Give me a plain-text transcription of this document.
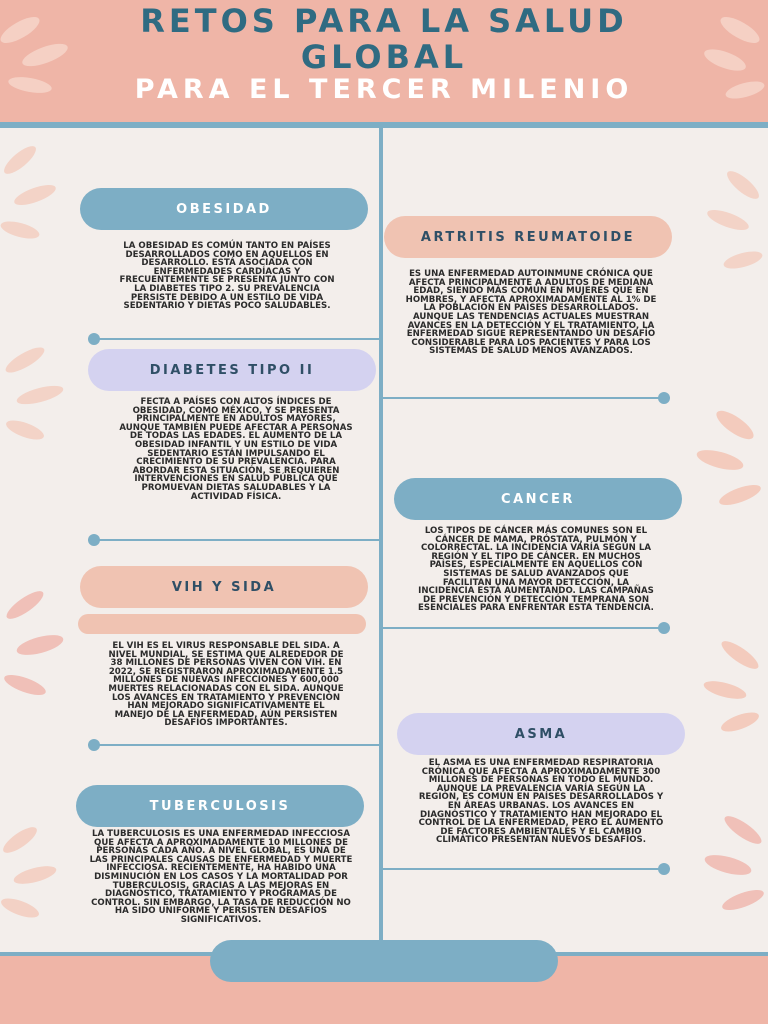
RETOS PARA LA SALUD
GLOBAL
PARA EL TERCER MILENIO
OBESIDAD
LA OBESIDAD ES COMÚN TANTO EN PAÍSES DESARROLLADOS COMO EN AQUELLOS EN DESARROLLO. ESTÁ ASOCIADA CON ENFERMEDADES CARDÍACAS Y FRECUENTEMENTE SE PRESENTA JUNTO CON LA DIABETES TIPO 2. SU PREVALENCIA PERSISTE DEBIDO A UN ESTILO DE VIDA SEDENTARIO Y DIETAS POCO SALUDABLES.
ARTRITIS REUMATOIDE
ES UNA ENFERMEDAD AUTOINMUNE CRÓNICA QUE AFECTA PRINCIPALMENTE A ADULTOS DE MEDIANA EDAD, SIENDO MÁS COMÚN EN MUJERES QUE EN HOMBRES, Y AFECTA APROXIMADAMENTE AL 1% DE LA POBLACIÓN EN PAÍSES DESARROLLADOS. AUNQUE LAS TENDENCIAS ACTUALES MUESTRAN AVANCES EN LA DETECCIÓN Y EL TRATAMIENTO, LA ENFERMEDAD SIGUE REPRESENTANDO UN DESAFÍO CONSIDERABLE PARA LOS PACIENTES Y PARA LOS SISTEMAS DE SALUD MENOS AVANZADOS.
DIABETES TIPO II
FECTA A PAÍSES CON ALTOS ÍNDICES DE OBESIDAD, COMO MÉXICO, Y SE PRESENTA PRINCIPALMENTE EN ADULTOS MAYORES, AUNQUE TAMBIÉN PUEDE AFECTAR A PERSONAS DE TODAS LAS EDADES. EL AUMENTO DE LA OBESIDAD INFANTIL Y UN ESTILO DE VIDA SEDENTARIO ESTÁN IMPULSANDO EL CRECIMIENTO DE SU PREVALENCIA. PARA ABORDAR ESTA SITUACIÓN, SE REQUIEREN INTERVENCIONES EN SALUD PÚBLICA QUE PROMUEVAN DIETAS SALUDABLES Y LA ACTIVIDAD FÍSICA.	CANCER
LOS TIPOS DE CÁNCER MÁS COMUNES SON EL CÁNCER DE MAMA, PRÓSTATA, PULMÓN Y COLORRECTAL. LA INCIDENCIA VARÍA SEGÚN LA REGIÓN Y EL TIPO DE CÁNCER. EN MUCHOS PAÍSES, ESPECIALMENTE EN AQUELLOS CON SISTEMAS DE SALUD AVANZADOS QUE FACILITAN UNA MAYOR DETECCIÓN, LA INCIDENCIA ESTÁ AUMENTANDO. LAS CAMPAÑAS DE PREVENCIÓN Y DETECCIÓN TEMPRANA SON ESENCIALES PARA ENFRENTAR ESTA TENDENCIA.
VIH Y SIDA
EL VIH ES EL VIRUS RESPONSABLE DEL SIDA. A NIVEL MUNDIAL, SE ESTIMA QUE ALREDEDOR DE 38 MILLONES DE PERSONAS VIVEN CON VIH. EN 2022, SE REGISTRARON APROXIMADAMENTE 1.5 MILLONES DE NUEVAS INFECCIONES Y 600,000 MUERTES RELACIONADAS CON EL SIDA. AUNQUE LOS AVANCES EN TRATAMIENTO Y PREVENCIÓN HAN MEJORADO SIGNIFICATIVAMENTE EL MANEJO DE LA ENFERMEDAD, AÚN PERSISTEN DESAFÍOS IMPORTANTES.
ASMA
EL ASMA ES UNA ENFERMEDAD RESPIRATORIA CRÓNICA QUE AFECTA A APROXIMADAMENTE 300 MILLONES DE PERSONAS EN TODO EL MUNDO. AUNQUE LA PREVALENCIA VARÍA SEGÚN LA REGIÓN, ES COMÚN EN PAÍSES DESARROLLADOS Y EN ÁREAS URBANAS. LOS AVANCES EN DIAGNÓSTICO Y TRATAMIENTO HAN MEJORADO EL CONTROL DE LA ENFERMEDAD, PERO EL AUMENTO DE FACTORES AMBIENTALES Y EL CAMBIO CLIMÁTICO PRESENTAN NUEVOS DESAFÍOS.
TUBERCULOSIS
LA TUBERCULOSIS ES UNA ENFERMEDAD INFECCIOSA QUE AFECTA A APROXIMADAMENTE 10 MILLONES DE PERSONAS CADA AÑO. A NIVEL GLOBAL, ES UNA DE LAS PRINCIPALES CAUSAS DE ENFERMEDAD Y MUERTE INFECCIOSA. RECIENTEMENTE, HA HABIDO UNA DISMINUCIÓN EN LOS CASOS Y LA MORTALIDAD POR TUBERCULOSIS, GRACIAS A LAS MEJORAS EN DIAGNÓSTICO, TRATAMIENTO Y PROGRAMAS DE CONTROL. SIN EMBARGO, LA TASA DE REDUCCIÓN NO HA SIDO UNIFORME Y PERSISTEN DESAFÍOS SIGNIFICATIVOS.
